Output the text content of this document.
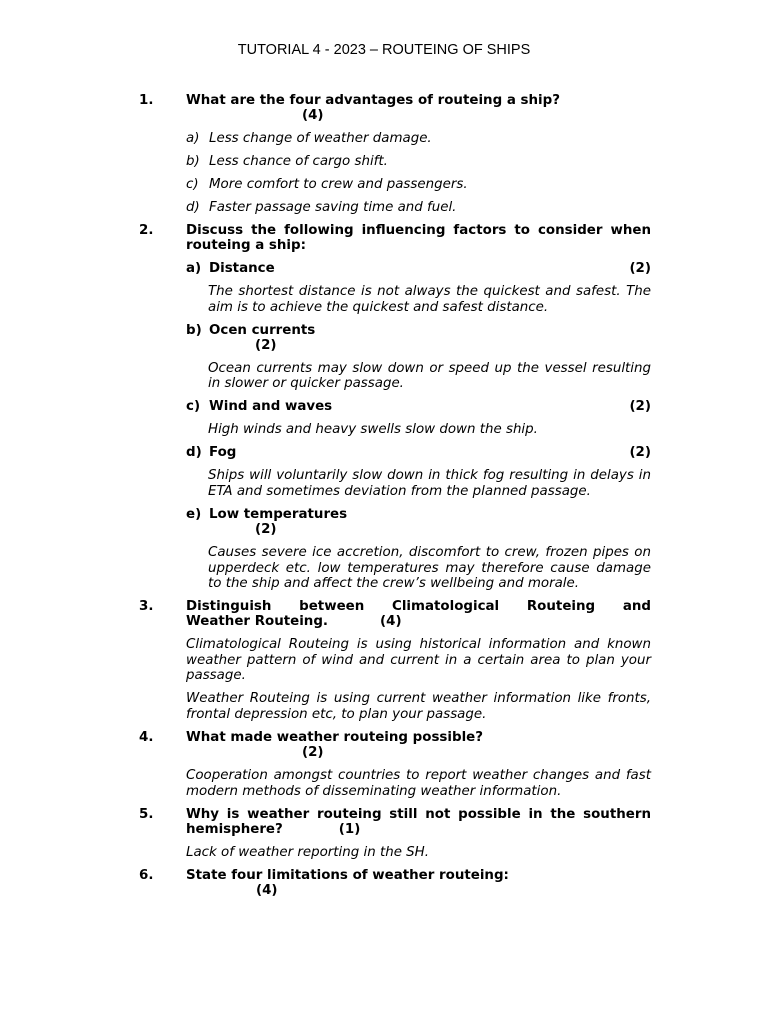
TUTORIAL 4 - 2023 – ROUTEING OF SHIPS
1. What are the four advantages of routeing a ship?
(4)
a) Less change of weather damage.
b) Less chance of cargo shift.
c) More comfort to crew and passengers.
d) Faster passage saving time and fuel.
2. Discuss the following influencing factors to consider when routeing a ship:
a) Distance	(2)
The shortest distance is not always the quickest and safest. The aim is to achieve the quickest and safest distance.
b) Ocen currents
(2)
Ocean currents may slow down or speed up the vessel resulting in slower or quicker passage.
c) Wind and waves	(2)
High winds and heavy swells slow down the ship.
d) Fog	(2)
Ships will voluntarily slow down in thick fog resulting in delays in ETA and sometimes deviation from the planned passage.
e) Low temperatures
(2)
Causes severe ice accretion, discomfort to crew, frozen pipes on upperdeck etc. low temperatures may therefore cause damage to the ship and affect the crew’s wellbeing and morale.
3. Distinguish between Climatological Routeing and
Weather Routeing.	(4)
Climatological Routeing is using historical information and known weather pattern of wind and current in a certain area to plan your passage.
Weather Routeing is using current weather information like fronts, frontal depression etc, to plan your passage.
4. What made weather routeing possible?
(2)
Cooperation amongst countries to report weather changes and fast modern methods of disseminating weather information.
5. Why is weather routeing still not possible in the southern
hemisphere?	(1)
Lack of weather reporting in the SH.
6. State four limitations of weather routeing:
(4)
